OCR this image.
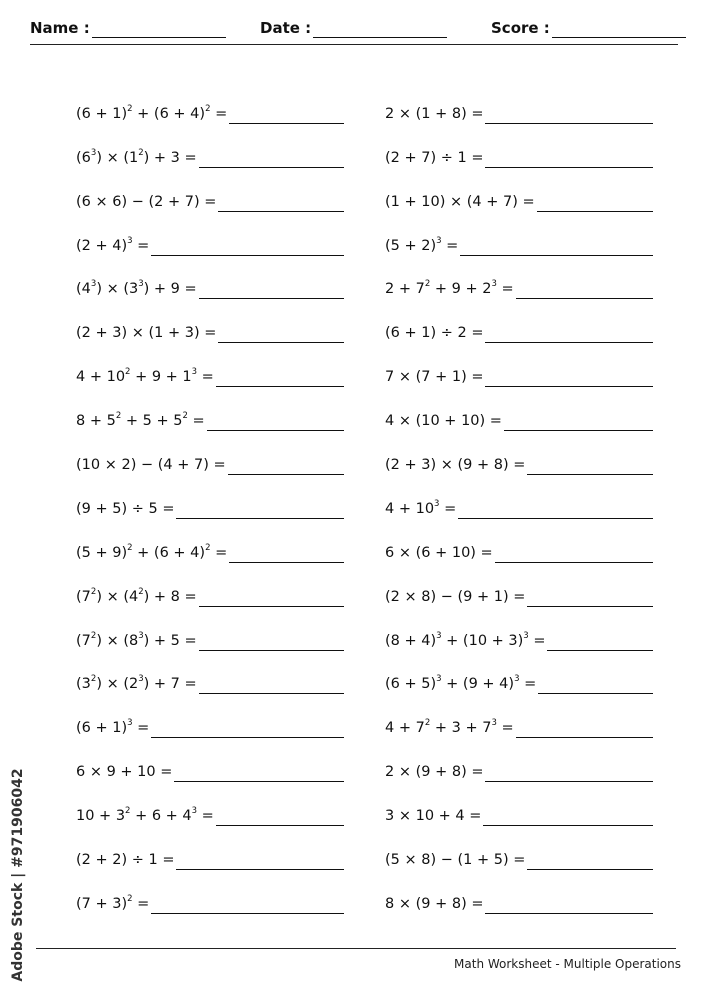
Name :	Date :	Score :
$(6 + 1)^2 + (6 + 4)^2$ =
$(6^3) \times (1^2) + 3$ =
(6 × 6) − (2 + 7) =
$(2 + 4)^3$ =
$(4^3) \times (3^3) + 9$ =
(2 + 3) × (1 + 3) =
$4 + 10^2 + 9 + 1^3$ =
$8 + 5^2 + 5 + 5^2$ =
(10 × 2) − (4 + 7) =
(9 + 5) ÷ 5 =
$(5 + 9)^2 + (6 + 4)^2$ =
$(7^2) \times (4^2) + 8$ =
$(7^2) \times (8^3) + 5$ =
$(3^2) \times (2^3) + 7$ =
$(6 + 1)^3$ =
6 × 9 + 10 =
$10 + 3^2 + 6 + 4^3$ =
(2 + 2) ÷ 1 =
$(7 + 3)^2$ =
2 × (1 + 8) =
(2 + 7) ÷ 1 =
(1 + 10) × (4 + 7) =
$(5 + 2)^3$ =
$2 + 7^2 + 9 + 2^3$ =
(6 + 1) ÷ 2 =
7 × (7 + 1) =
4 × (10 + 10) =
(2 + 3) × (9 + 8) =
$4 + 10^3$ =
6 × (6 + 10) =
(2 × 8) − (9 + 1) =
$(8 + 4)^3 + (10 + 3)^3$ =
$(6 + 5)^3 + (9 + 4)^3$ =
$4 + 7^2 + 3 + 7^3$ =
2 × (9 + 8) =
3 × 10 + 4 =
(5 × 8) − (1 + 5) =
8 × (9 + 8) =
Adobe Stock | #971906042	Math Worksheet - Multiple Operations
